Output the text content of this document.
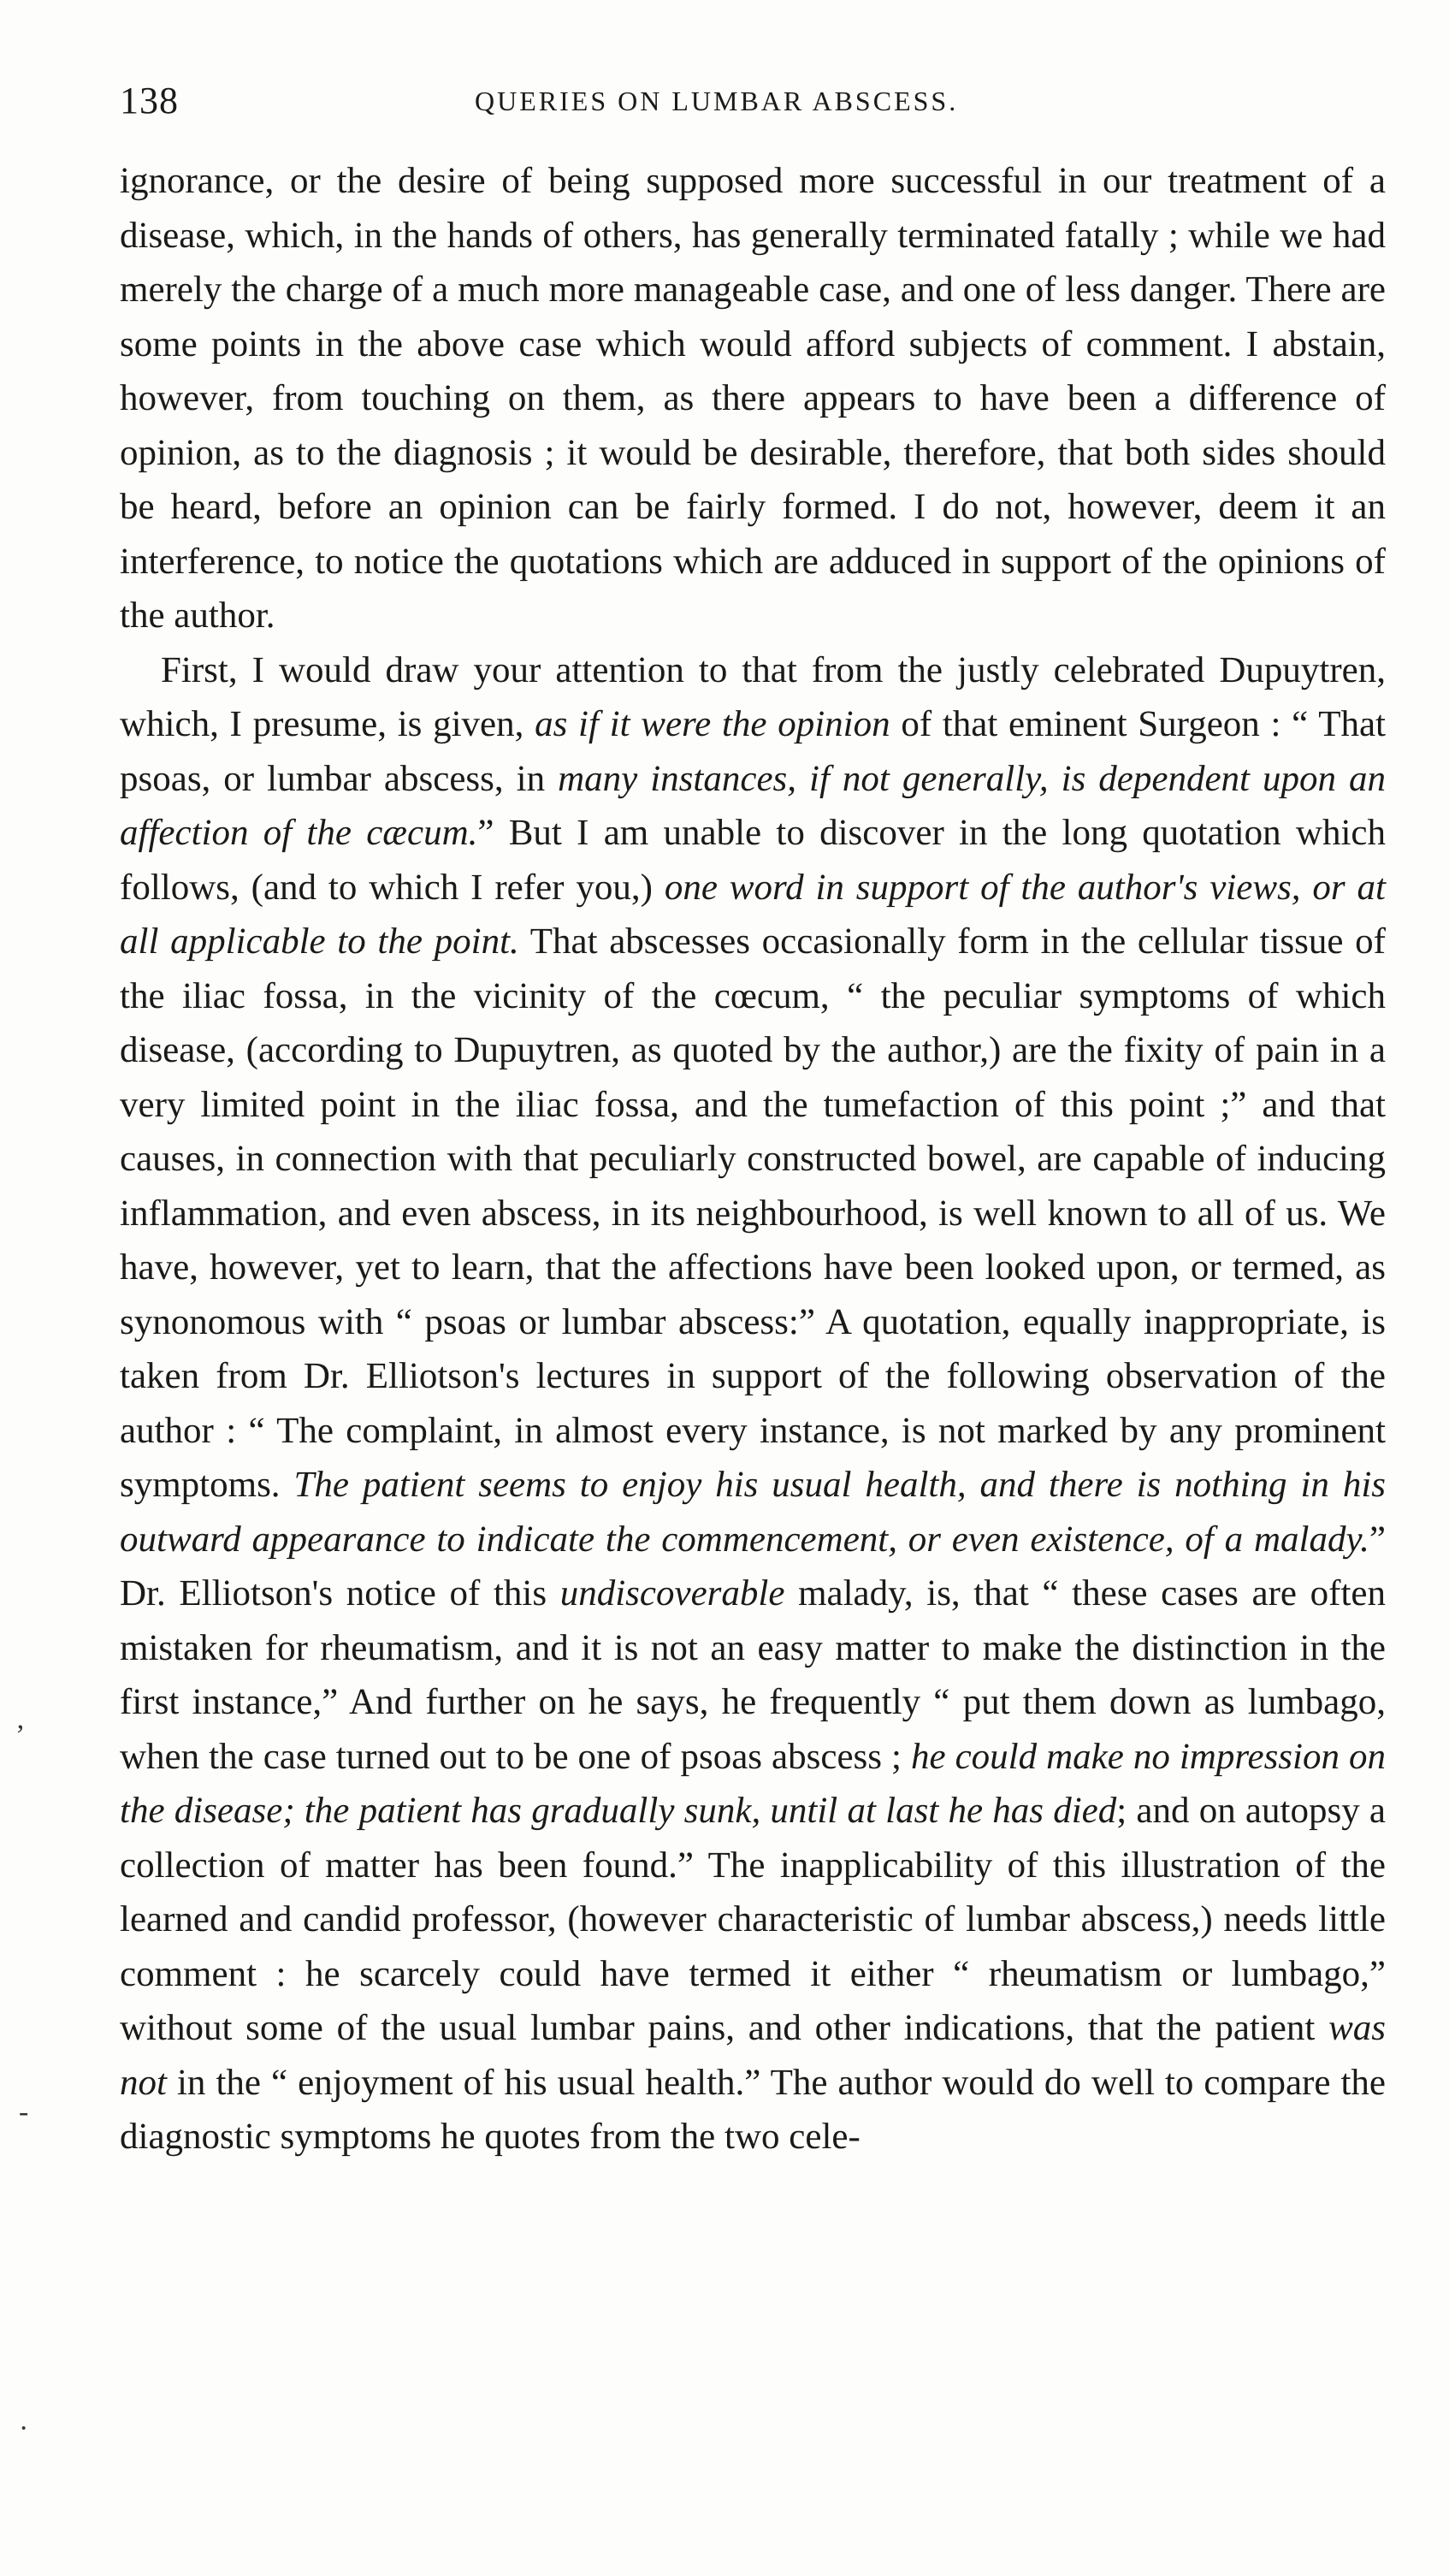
138	QUERIES ON LUMBAR ABSCESS.

ignorance, or the desire of being supposed more successful in our treatment of a disease, which, in the hands of others, has generally terminated fatally ; while we had merely the charge of a much more manageable case, and one of less danger. There are some points in the above case which would afford subjects of comment. I abstain, however, from touching on them, as there appears to have been a difference of opinion, as to the diagnosis ; it would be desirable, therefore, that both sides should be heard, before an opinion can be fairly formed. I do not, however, deem it an interference, to notice the quotations which are adduced in support of the opinions of the author.

First, I would draw your attention to that from the justly celebrated Dupuytren, which, I presume, is given, as if it were the opinion of that eminent Surgeon : “ That psoas, or lumbar abscess, in many instances, if not generally, is dependent upon an affection of the cæcum.” But I am unable to discover in the long quotation which follows, (and to which I refer you,) one word in support of the author's views, or at all applicable to the point. That abscesses occasionally form in the cellular tissue of the iliac fossa, in the vicinity of the cœcum, “ the peculiar symptoms of which disease, (according to Dupuytren, as quoted by the author,) are the fixity of pain in a very limited point in the iliac fossa, and the tumefaction of this point ;” and that causes, in connection with that peculiarly constructed bowel, are capable of inducing inflammation, and even abscess, in its neighbourhood, is well known to all of us. We have, however, yet to learn, that the affections have been looked upon, or termed, as synonomous with “ psoas or lumbar abscess:” A quotation, equally inappropriate, is taken from Dr. Elliotson's lectures in support of the following observation of the author : “ The complaint, in almost every instance, is not marked by any prominent symptoms. The patient seems to enjoy his usual health, and there is nothing in his outward appearance to indicate the commencement, or even existence, of a malady.” Dr. Elliotson's notice of this undiscoverable malady, is, that “ these cases are often mistaken for rheumatism, and it is not an easy matter to make the distinction in the first instance,” And further on he says, he frequently “ put them down as lumbago, when the case turned out to be one of psoas abscess ; he could make no impression on the disease; the patient has gradually sunk, until at last he has died; and on autopsy a collection of matter has been found.” The inapplicability of this illustration of the learned and candid professor, (however characteristic of lumbar abscess,) needs little comment : he scarcely could have termed it either “ rheumatism or lumbago,” without some of the usual lumbar pains, and other indications, that the patient was not in the “ enjoyment of his usual health.” The author would do well to compare the diagnostic symptoms he quotes from the two cele-

ʼ
-
·
